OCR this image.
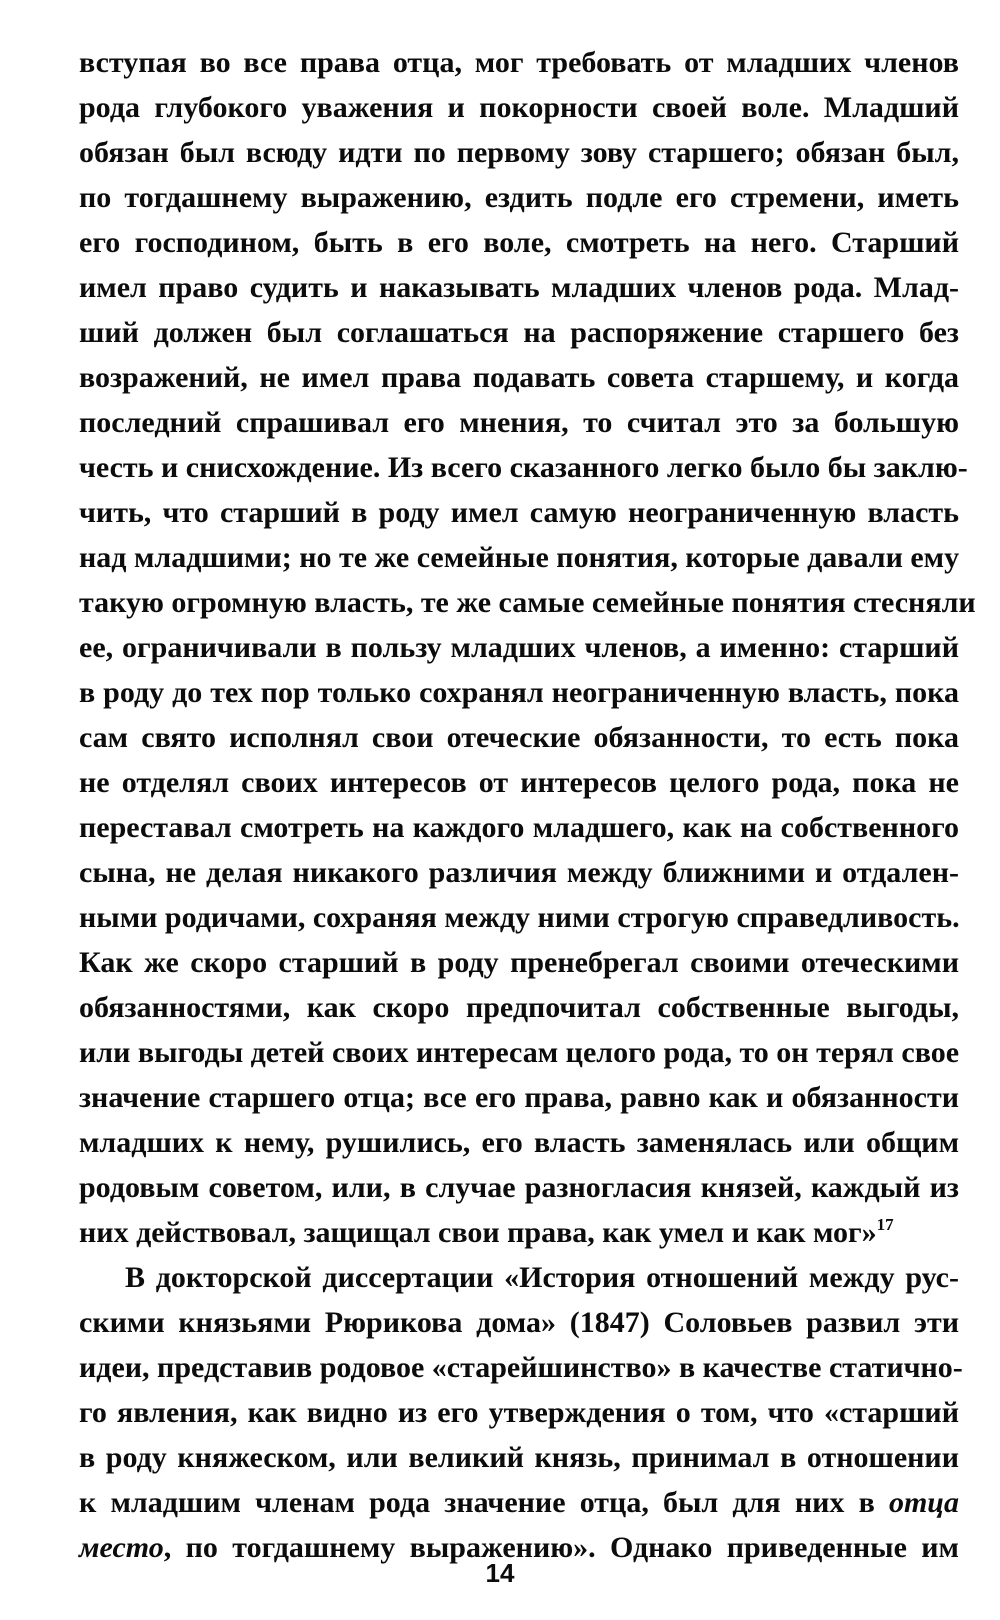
вступая во все права отца, мог требовать от младших членов
рода глубокого уважения и покорности своей воле. Младший
обязан был всюду идти по первому зову старшего; обязан был,
по тогдашнему выражению, ездить подле его стремени, иметь
его господином, быть в его воле, смотреть на него. Старший
имел право судить и наказывать младших членов рода. Млад-
ший должен был соглашаться на распоряжение старшего без
возражений, не имел права подавать совета старшему, и когда
последний спрашивал его мнения, то считал это за большую
честь и снисхождение. Из всего сказанного легко было бы заклю-
чить, что старший в роду имел самую неограниченную власть
над младшими; но те же семейные понятия, которые давали ему
такую огромную власть, те же самые семейные понятия стесняли
ее, ограничивали в пользу младших членов, а именно: старший
в роду до тех пор только сохранял неограниченную власть, пока
сам свято исполнял свои отеческие обязанности, то есть пока
не отделял своих интересов от интересов целого рода, пока не
переставал смотреть на каждого младшего, как на собственного
сына, не делая никакого различия между ближними и отдален-
ными родичами, сохраняя между ними строгую справедливость.
Как же скоро старший в роду пренебрегал своими отеческими
обязанностями, как скоро предпочитал собственные выгоды,
или выгоды детей своих интересам целого рода, то он терял свое
значение старшего отца; все его права, равно как и обязанности
младших к нему, рушились, его власть заменялась или общим
родовым советом, или, в случае разногласия князей, каждый из
них действовал, защищал свои права, как умел и как мог»$^{17}$
В докторской диссертации «История отношений между рус-
скими князьями Рюрикова дома» (1847) Соловьев развил эти
идеи, представив родовое «старейшинство» в качестве статично-
го явления, как видно из его утверждения о том, что «старший
в роду княжеском, или великий князь, принимал в отношении
к младшим членам рода значение отца, был для них в отца
место, по тогдашнему выражению». Однако приведенные им
14
